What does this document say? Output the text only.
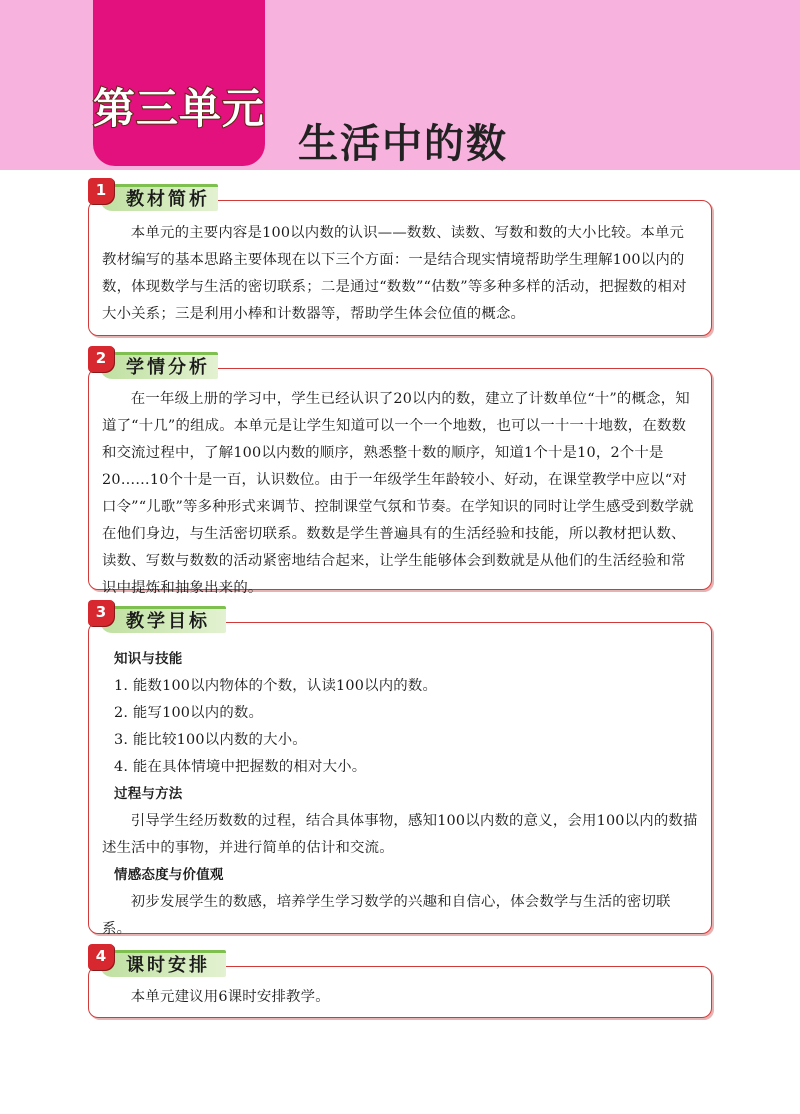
第三单元
生活中的数
教材简析
1

本单元的主要内容是100以内数的认识——数数、读数、写数和数的大小比较。本单元教材编写的基本思路主要体现在以下三个方面：一是结合现实情境帮助学生理解100以内的数，体现数学与生活的密切联系；二是通过“数数”“估数”等多种多样的活动，把握数的相对大小关系；三是利用小棒和计数器等，帮助学生体会位值的概念。

学情分析
2

在一年级上册的学习中，学生已经认识了20以内的数，建立了计数单位“十”的概念，知道了“十几”的组成。本单元是让学生知道可以一个一个地数，也可以一十一十地数，在数数和交流过程中，了解100以内数的顺序，熟悉整十数的顺序，知道1个十是10，2个十是20……10个十是一百，认识数位。由于一年级学生年龄较小、好动，在课堂教学中应以“对口令”“儿歌”等多种形式来调节、控制课堂气氛和节奏。在学知识的同时让学生感受到数学就在他们身边，与生活密切联系。数数是学生普遍具有的生活经验和技能，所以教材把认数、读数、写数与数数的活动紧密地结合起来，让学生能够体会到数就是从他们的生活经验和常识中提炼和抽象出来的。

教学目标
3
知识与技能
1. 能数100以内物体的个数，认读100以内的数。
2. 能写100以内的数。
3. 能比较100以内数的大小。
4. 能在具体情境中把握数的相对大小。
过程与方法

引导学生经历数数的过程，结合具体事物，感知100以内数的意义，会用100以内的数描述生活中的事物，并进行简单的估计和交流。

情感态度与价值观

初步发展学生的数感，培养学生学习数学的兴趣和自信心，体会数学与生活的密切联系。

课时安排
4

本单元建议用6课时安排教学。
